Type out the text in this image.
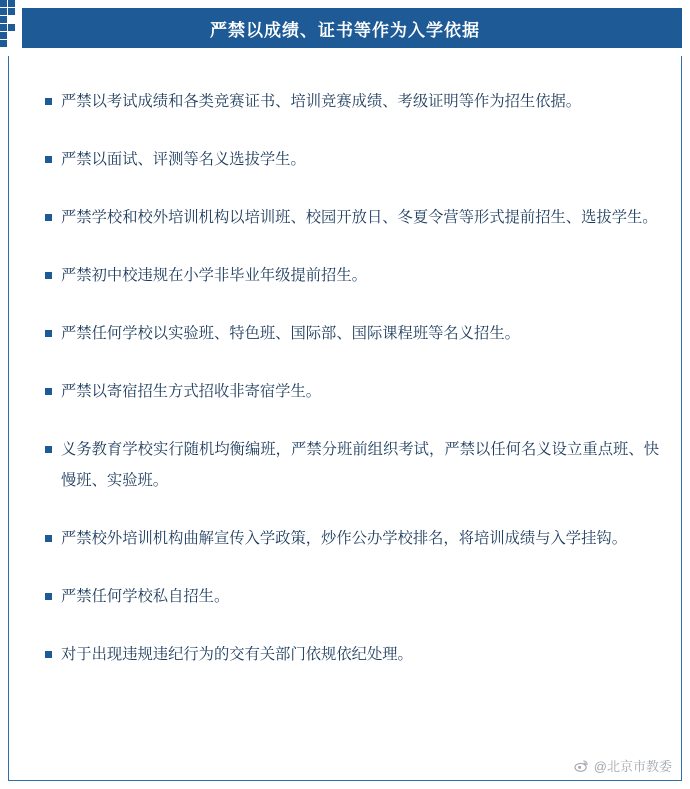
严禁以成绩、证书等作为入学依据
严禁以考试成绩和各类竞赛证书、培训竞赛成绩、考级证明等作为招生依据。
严禁以面试、评测等名义选拔学生。
严禁学校和校外培训机构以培训班、校园开放日、冬夏令营等形式提前招生、选拔学生。
严禁初中校违规在小学非毕业年级提前招生。
严禁任何学校以实验班、特色班、国际部、国际课程班等名义招生。
严禁以寄宿招生方式招收非寄宿学生。
义务教育学校实行随机均衡编班，严禁分班前组织考试，严禁以任何名义设立重点班、快慢班、实验班。
严禁校外培训机构曲解宣传入学政策，炒作公办学校排名，将培训成绩与入学挂钩。
严禁任何学校私自招生。
对于出现违规违纪行为的交有关部门依规依纪处理。
@北京市教委
